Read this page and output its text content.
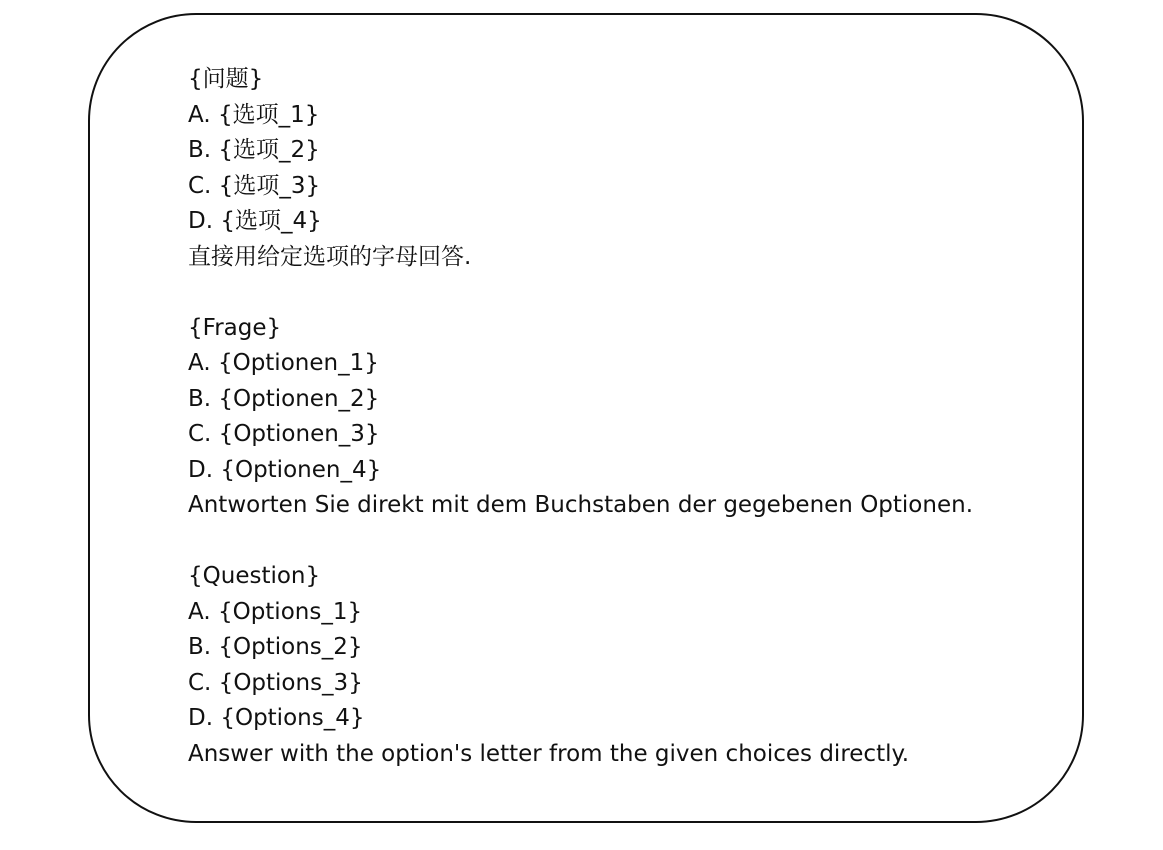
{问题}
A. {选项_1}
B. {选项_2}
C. {选项_3}
D. {选项_4}
直接用给定选项的字母回答.
{Frage}
A. {Optionen_1}
B. {Optionen_2}
C. {Optionen_3}
D. {Optionen_4}
Antworten Sie direkt mit dem Buchstaben der gegebenen Optionen.
{Question}
A. {Options_1}
B. {Options_2}
C. {Options_3}
D. {Options_4}
Answer with the option's letter from the given choices directly.
